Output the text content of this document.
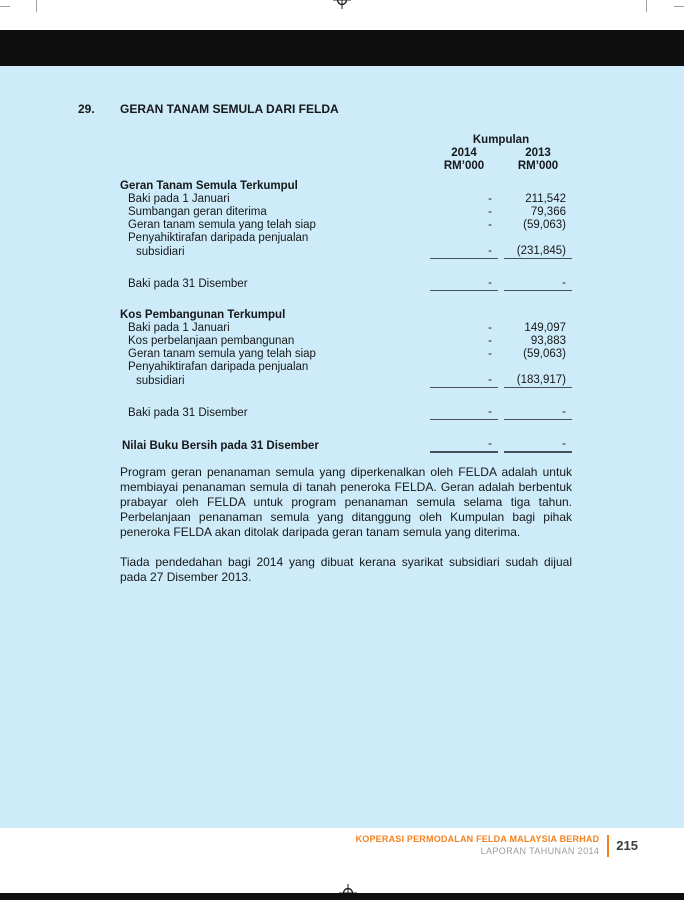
29.	GERAN TANAM SEMULA DARI FELDA
Kumpulan
2014	2013
RM’000	RM’000
Geran Tanam Semula Terkumpul
Baki pada 1 Januari	-	211,542
Sumbangan geran diterima	-	79,366
Geran tanam semula yang telah siap	-	(59,063)
Penyahiktirafan daripada penjualan
subsidiari	-	(231,845)
Baki pada 31 Disember	-	-
Kos Pembangunan Terkumpul
Baki pada 1 Januari	-	149,097
Kos perbelanjaan pembangunan	-	93,883
Geran tanam semula yang telah siap	-	(59,063)
Penyahiktirafan daripada penjualan
subsidiari	-	(183,917)
Baki pada 31 Disember	-	-
Nilai Buku Bersih pada 31 Disember	-	-

Program geran penanaman semula yang diperkenalkan oleh FELDA adalah untuk membiayai penanaman semula di tanah peneroka FELDA. Geran adalah berbentuk prabayar oleh FELDA untuk program penanaman semula selama tiga tahun. Perbelanjaan penanaman semula yang ditanggung oleh Kumpulan bagi pihak peneroka FELDA akan ditolak daripada geran tanam semula yang diterima.

Tiada pendedahan bagi 2014 yang dibuat kerana syarikat subsidiari sudah dijual pada 27 Disember 2013.

KOPERASI PERMODALAN FELDA MALAYSIA BERHAD
LAPORAN TAHUNAN 2014 215
